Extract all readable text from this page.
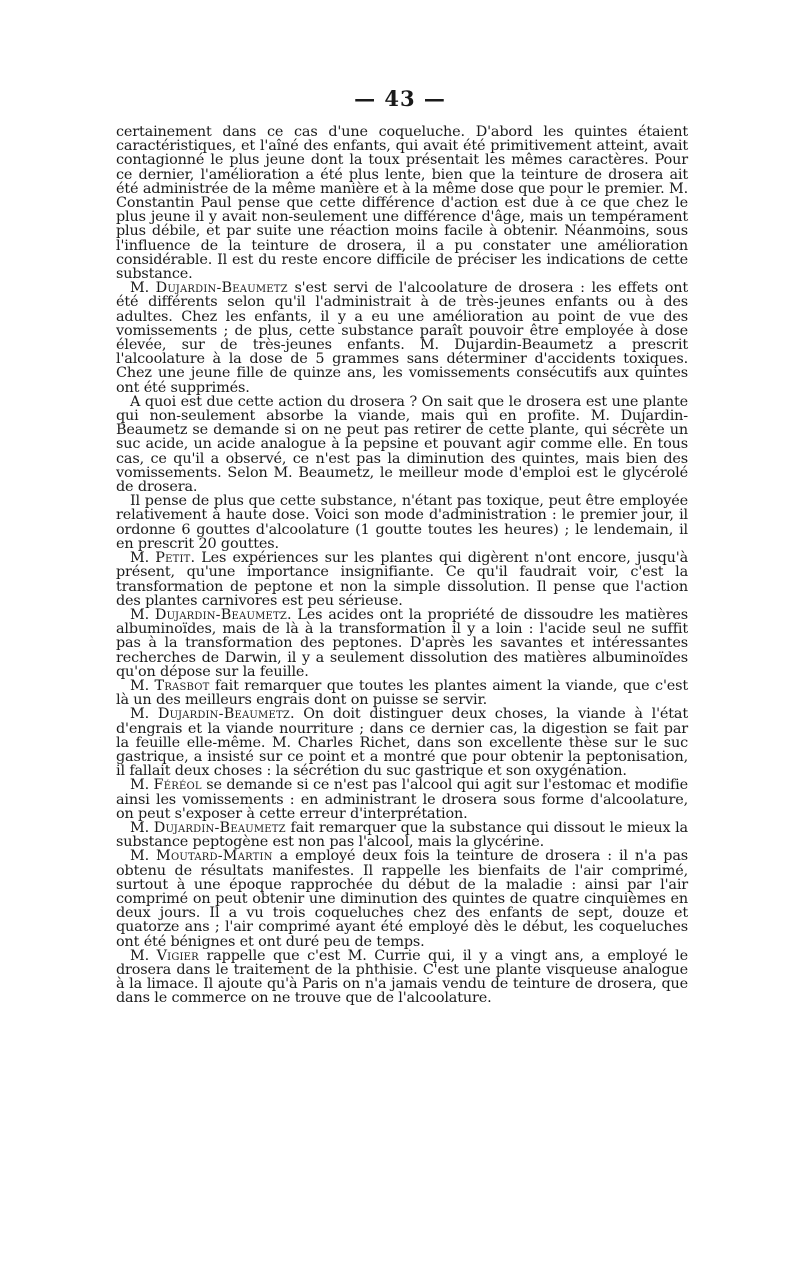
— 43 —

certainement dans ce cas d'une coqueluche. D'abord les quintes étaient caractéristiques, et l'aîné des enfants, qui avait été primitivement atteint, avait contagionné le plus jeune dont la toux présentait les mêmes caractères. Pour ce dernier, l'amélioration a été plus lente, bien que la teinture de drosera ait été administrée de la même manière et à la même dose que pour le premier. M. Constantin Paul pense que cette différence d'action est due à ce que chez le plus jeune il y avait non-seulement une différence d'âge, mais un tempérament plus débile, et par suite une réaction moins facile à obtenir. Néanmoins, sous l'influence de la teinture de drosera, il a pu constater une amélioration considérable. Il est du reste encore difficile de préciser les indications de cette substance.

M. Dujardin-Beaumetz s'est servi de l'alcoolature de drosera : les effets ont été différents selon qu'il l'administrait à de très-jeunes enfants ou à des adultes. Chez les enfants, il y a eu une amélioration au point de vue des vomissements ; de plus, cette substance paraît pouvoir être employée à dose élevée, sur de très-jeunes enfants. M. Dujardin-Beaumetz a prescrit l'alcoolature à la dose de 5 grammes sans déterminer d'accidents toxiques. Chez une jeune fille de quinze ans, les vomissements consécutifs aux quintes ont été supprimés.

A quoi est due cette action du drosera ? On sait que le drosera est une plante qui non-seulement absorbe la viande, mais qui en profite. M. Dujardin-Beaumetz se demande si on ne peut pas retirer de cette plante, qui sécrète un suc acide, un acide analogue à la pepsine et pouvant agir comme elle. En tous cas, ce qu'il a observé, ce n'est pas la diminution des quintes, mais bien des vomissements. Selon M. Beaumetz, le meilleur mode d'emploi est le glycérolé de drosera.

Il pense de plus que cette substance, n'étant pas toxique, peut être employée relativement à haute dose. Voici son mode d'administration : le premier jour, il ordonne 6 gouttes d'alcoolature (1 goutte toutes les heures) ; le lendemain, il en prescrit 20 gouttes.

M. Petit. Les expériences sur les plantes qui digèrent n'ont encore, jusqu'à présent, qu'une importance insignifiante. Ce qu'il faudrait voir, c'est la transformation de peptone et non la simple dissolution. Il pense que l'action des plantes carnivores est peu sérieuse.

M. Dujardin-Beaumetz. Les acides ont la propriété de dissoudre les matières albuminoïdes, mais de là à la transformation il y a loin : l'acide seul ne suffit pas à la transformation des peptones. D'après les savantes et intéressantes recherches de Darwin, il y a seulement dissolution des matières albuminoïdes qu'on dépose sur la feuille.

M. Trasbot fait remarquer que toutes les plantes aiment la viande, que c'est là un des meilleurs engrais dont on puisse se servir.

M. Dujardin-Beaumetz. On doit distinguer deux choses, la viande à l'état d'engrais et la viande nourriture ; dans ce dernier cas, la digestion se fait par la feuille elle-même. M. Charles Richet, dans son excellente thèse sur le suc gastrique, a insisté sur ce point et a montré que pour obtenir la peptonisation, il fallait deux choses : la sécrétion du suc gastrique et son oxygénation.

M. Féréol se demande si ce n'est pas l'alcool qui agit sur l'estomac et modifie ainsi les vomissements : en administrant le drosera sous forme d'alcoolature, on peut s'exposer à cette erreur d'interprétation.

M. Dujardin-Beaumetz fait remarquer que la substance qui dissout le mieux la substance peptogène est non pas l'alcool, mais la glycérine.

M. Moutard-Martin a employé deux fois la teinture de drosera : il n'a pas obtenu de résultats manifestes. Il rappelle les bienfaits de l'air comprimé, surtout à une époque rapprochée du début de la maladie : ainsi par l'air comprimé on peut obtenir une diminution des quintes de quatre cinquièmes en deux jours. Il a vu trois coqueluches chez des enfants de sept, douze et quatorze ans ; l'air comprimé ayant été employé dès le début, les coqueluches ont été bénignes et ont duré peu de temps.

M. Vigier rappelle que c'est M. Currie qui, il y a vingt ans, a employé le drosera dans le traitement de la phthisie. C'est une plante visqueuse analogue à la limace. Il ajoute qu'à Paris on n'a jamais vendu de teinture de drosera, que dans le commerce on ne trouve que de l'alcoolature.
